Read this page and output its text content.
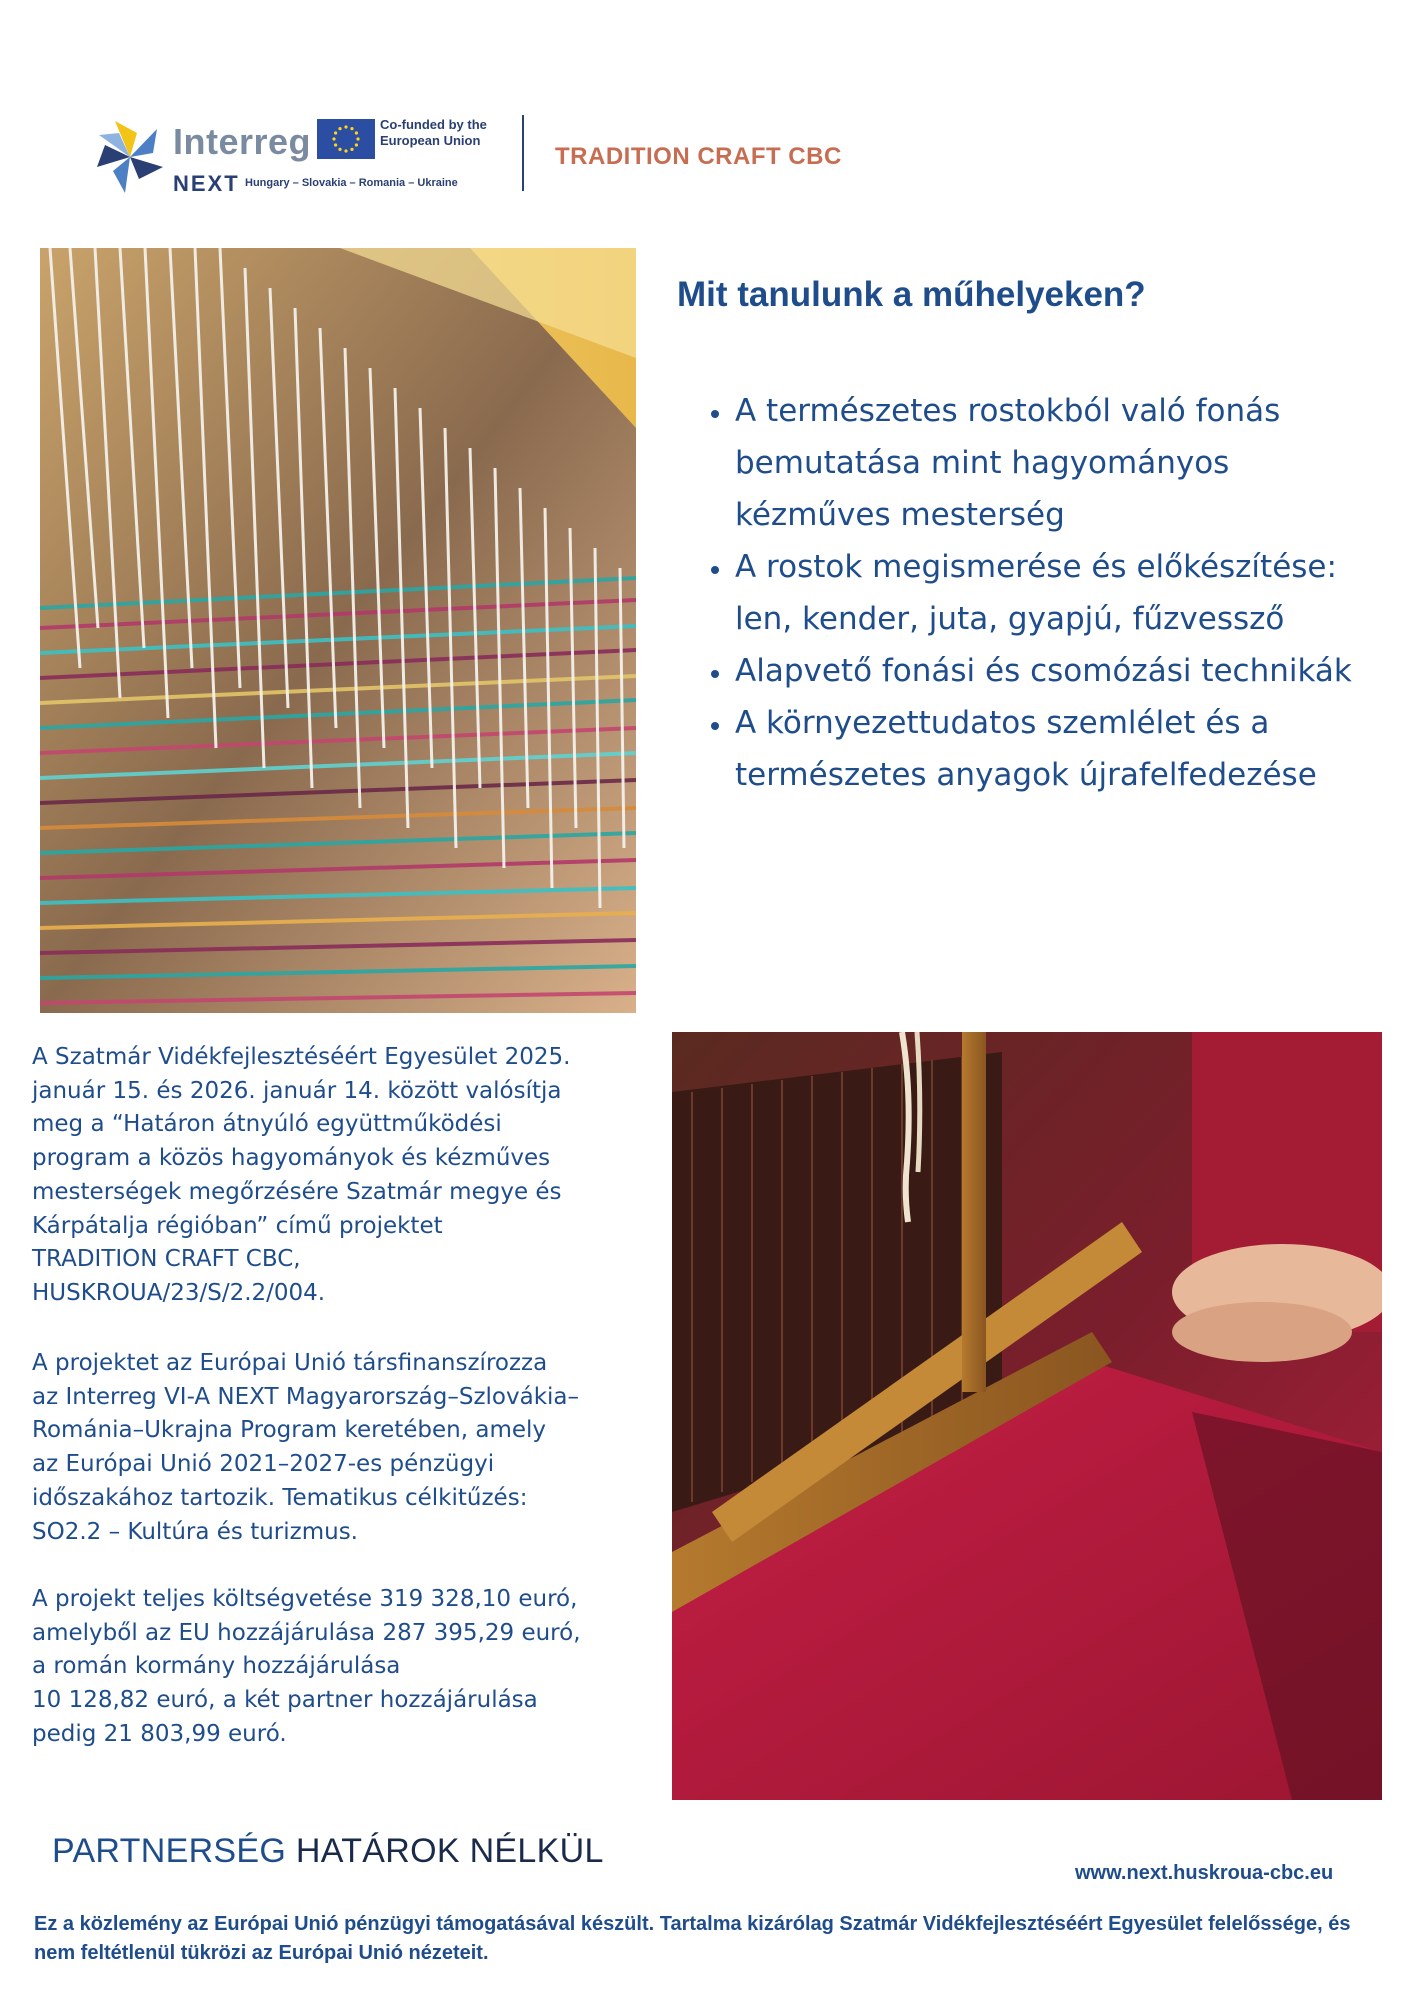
Interreg	Co-funded by the European Union
NEXT Hungary – Slovakia – Romania – Ukraine
TRADITION CRAFT CBC
Mit tanulunk a műhelyeken?
• A természetes rostokból való fonás bemutatása mint hagyományos kézműves mesterség
• A rostok megismerése és előkészítése: len, kender, juta, gyapjú, fűzvessző
• Alapvető fonási és csomózási technikák
• A környezettudatos szemlélet és a természetes anyagok újrafelfedezése

A Szatmár Vidékfejlesztéséért Egyesület 2025.
január 15. és 2026. január 14. között valósítja
meg a “Határon átnyúló együttműködési
program a közös hagyományok és kézműves
mesterségek megőrzésére Szatmár megye és
Kárpátalja régióban” című projektet
TRADITION CRAFT CBC,
HUSKROUA/23/S/2.2/004.

A projektet az Európai Unió társfinanszírozza
az Interreg VI-A NEXT Magyarország–Szlovákia–
Románia–Ukrajna Program keretében, amely
az Európai Unió 2021–2027-es pénzügyi
időszakához tartozik. Tematikus célkitűzés:
SO2.2 – Kultúra és turizmus.

A projekt teljes költségvetése 319 328,10 euró,
amelyből az EU hozzájárulása 287 395,29 euró,
a román kormány hozzájárulása
10 128,82 euró, a két partner hozzájárulása
pedig 21 803,99 euró.

PARTNERSÉG HATÁROK NÉLKÜL
www.next.huskroua-cbc.eu

Ez a közlemény az Európai Unió pénzügyi támogatásával készült. Tartalma kizárólag Szatmár Vidékfejlesztéséért Egyesület felelőssége, és nem feltétlenül tükrözi az Európai Unió nézeteit.
